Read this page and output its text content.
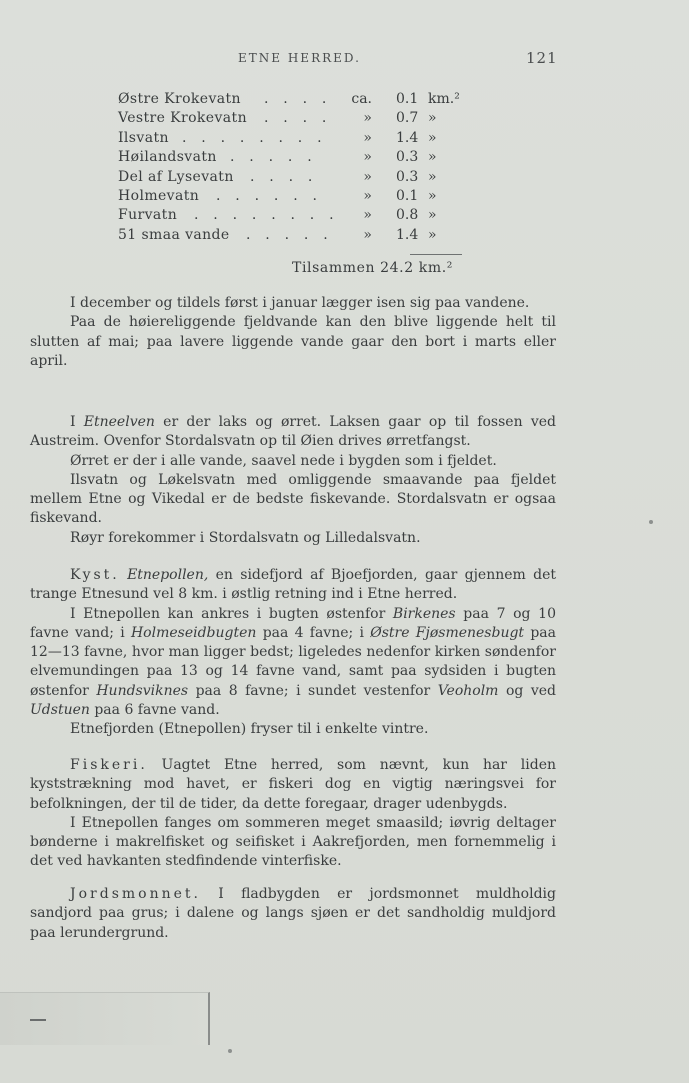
ETNE HERRED.	121
Østre Krokevatn . . . .	ca. 0.1 km.²
Vestre Krokevatn . . . .	» 0.7 »
Ilsvatn . . . . . . . .	» 1.4 »
Høilandsvatn . . . . .	» 0.3 »
Del af Lysevatn . . . .	» 0.3 »
Holmevatn . . . . . .	» 0.1 »
Furvatn . . . . . . . .	» 0.8 »
51 smaa vande . . . . .	» 1.4 »
Tilsammen 24.2 km.²

I december og tildels først i januar lægger isen sig paa vandene.

Paa de høiereliggende fjeldvande kan den blive liggende helt til slutten af mai; paa lavere liggende vande gaar den bort i marts eller april.

I Etneelven er der laks og ørret. Laksen gaar op til fossen ved Austreim. Ovenfor Stordalsvatn op til Øien drives ørretfangst.

Ørret er der i alle vande, saavel nede i bygden som i fjeldet.

Ilsvatn og Løkelsvatn med omliggende smaavande paa fjeldet mellem Etne og Vikedal er de bedste fiskevande. Stordalsvatn er ogsaa fiskevand.

Røyr forekommer i Stordalsvatn og Lilledalsvatn.

Kyst. Etnepollen, en sidefjord af Bjoefjorden, gaar gjennem det trange Etnesund vel 8 km. i østlig retning ind i Etne herred.

I Etnepollen kan ankres i bugten østenfor Birkenes paa 7 og 10 favne vand; i Holmeseidbugten paa 4 favne; i Østre Fjøsmenesbugt paa 12—13 favne, hvor man ligger bedst; ligeledes nedenfor kirken søndenfor elvemundingen paa 13 og 14 favne vand, samt paa sydsiden i bugten østenfor Hundsviknes paa 8 favne; i sundet vestenfor Veoholm og ved Udstuen paa 6 favne vand.

Etnefjorden (Etnepollen) fryser til i enkelte vintre.

Fiskeri. Uagtet Etne herred, som nævnt, kun har liden kyststrækning mod havet, er fiskeri dog en vigtig næringsvei for befolkningen, der til de tider, da dette foregaar, drager udenbygds.

I Etnepollen fanges om sommeren meget smaasild; iøvrig deltager bønderne i makrelfisket og seifisket i Aakrefjorden, men fornemmelig i det ved havkanten stedfindende vinterfiske.

Jordsmonnet. I fladbygden er jordsmonnet muldholdig sandjord paa grus; i dalene og langs sjøen er det sandholdig muldjord paa lerundergrund.
